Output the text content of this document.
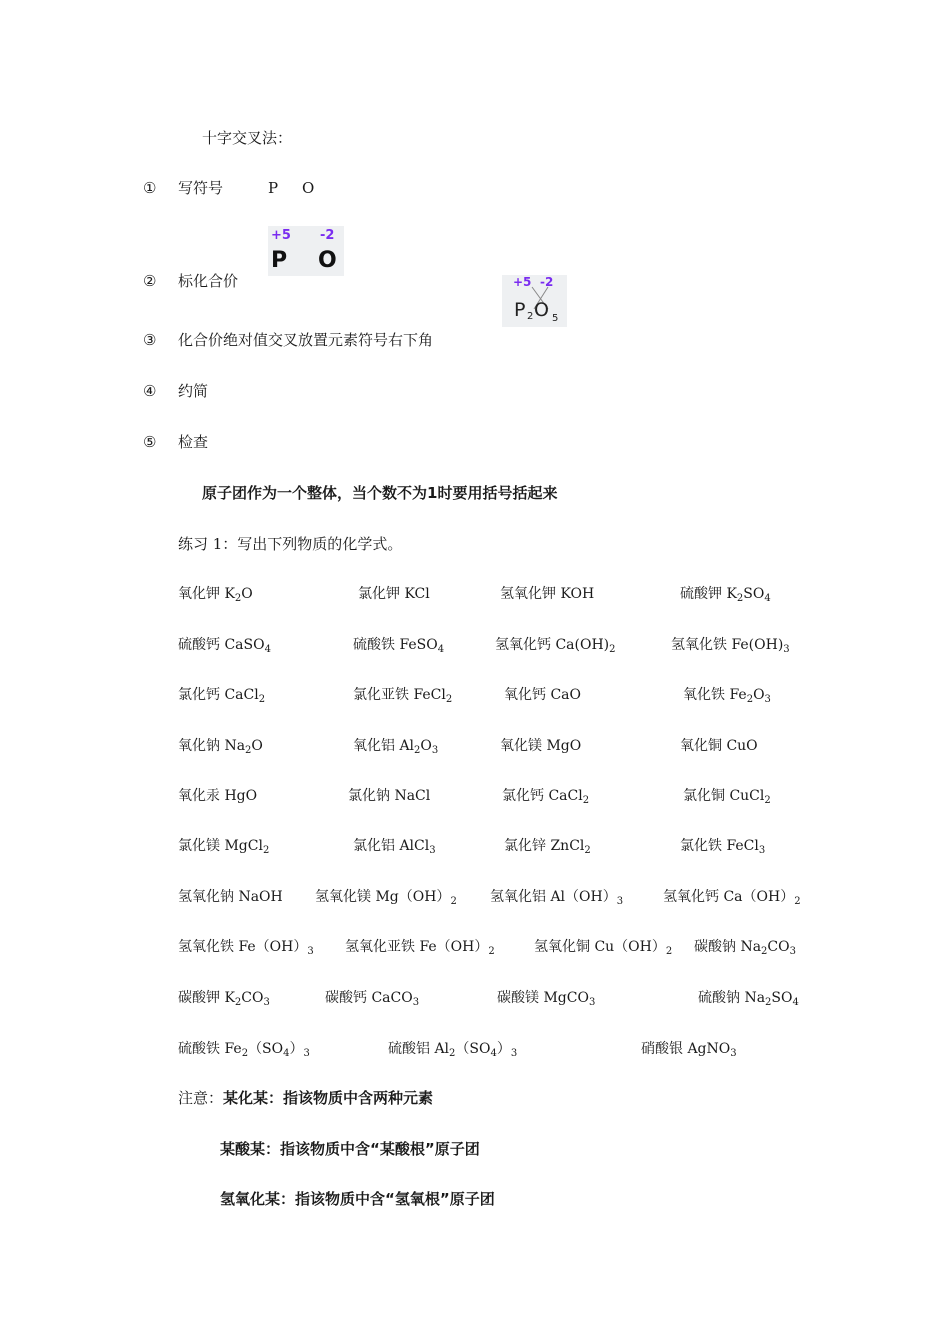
十字交叉法：
① 写符号	P O
② 标化合价
+5 -2
P O
+5 -2
P 2 O 5
③ 化合价绝对值交叉放置元素符号右下角
④ 约简
⑤ 检查
原子团作为一个整体，当个数不为1时要用括号括起来
练习 1：写出下列物质的化学式。
氧化钾 $K_2O$	氯化钾 KCl	氢氧化钾 KOH	硫酸钾 $K_2SO_4$
硫酸钙 CaSO$_4$	硫酸铁 FeSO$_4$	氢氧化钙 $Ca(OH)_2$	氢氧化铁 $Fe(OH)_3$
氯化钙 CaCl$_2$	氯化亚铁 FeCl$_2$	氧化钙 CaO	氧化铁 $Fe_2O_3$
氧化钠 $Na_2O$	氧化铝 $Al_2O_3$	氧化镁 MgO	氧化铜 CuO
氧化汞 HgO	氯化钠 NaCl	氯化钙 CaCl$_2$	氯化铜 CuCl$_2$
氯化镁 MgCl$_2$	氯化铝 AlCl$_3$	氯化锌 ZnCl$_2$	氯化铁 FeCl$_3$
氢氧化钠 NaOH 氢氧化镁 $Mg(OH)_2$ 氢氧化铝 $Al(OH)_3$	氢氧化钙 $Ca(OH)_2$
氢氧化铁 $Fe(OH)_3$ 氢氧化亚铁 $Fe(OH)_2$	氢氧化铜 $Cu(OH)_2$ 碳酸钠 $Na_2CO_3$
碳酸钾 $K_2CO_3$	碳酸钙 CaCO$_3$	碳酸镁 MgCO$_3$	硫酸钠 $Na_2SO_4$
硫酸铁 $Fe_2(SO_4)_3$	硫酸铝 $Al_2(SO_4)_3$	硝酸银 AgNO$_3$
注意：某化某：指该物质中含两种元素
某酸某：指该物质中含“某酸根”原子团
氢氧化某：指该物质中含“氢氧根”原子团
